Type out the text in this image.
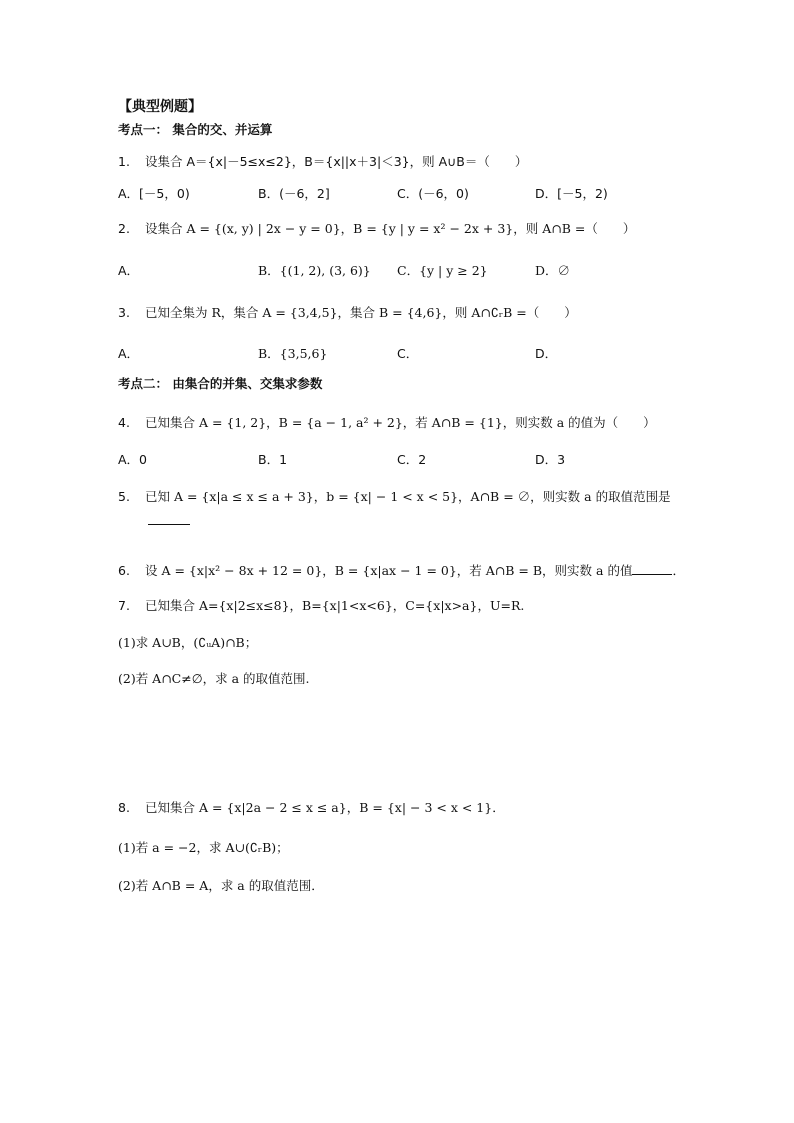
【典型例题】
考点一： 集合的交、并运算
1. 设集合 A＝{x|－5≤x≤2}，B＝{x||x＋3|＜3}，则 A∪B＝（　　）
A．[－5，0)	B．(－6，2]	C．(－6，0)	D．[－5，2)
2. 设集合 A = {(x, y) | 2x − y = 0}，B = {y | y = x² − 2x + 3}，则 A∩B =（　　）
A．	B．{(1, 2), (3, 6)} C．{y | y ≥ 2}	D．∅
3. 已知全集为 R，集合 A = {3,4,5}，集合 B = {4,6}，则 A∩∁ᵣB =（　　）
A．	B．{3,5,6}	C．	D．
考点二： 由集合的并集、交集求参数
4. 已知集合 A = {1, 2}，B = {a − 1, a² + 2}，若 A∩B = {1}，则实数 a 的值为（　　）
A．0	B．1	C．2	D．3
5. 已知 A = {x|a ≤ x ≤ a + 3}，b = {x| − 1 < x < 5}，A∩B = ∅，则实数 a 的取值范围是
6. 设 A = {x|x² − 8x + 12 = 0}，B = {x|ax − 1 = 0}，若 A∩B = B，则实数 a 的值	．
7. 已知集合 A={x|2≤x≤8}，B={x|1<x<6}，C={x|x>a}，U=R.
(1)求 A∪B，(∁ᵤA)∩B；
(2)若 A∩C≠∅，求 a 的取值范围.
8. 已知集合 A = {x|2a − 2 ≤ x ≤ a}，B = {x| − 3 < x < 1}．
(1)若 a = −2，求 A∪(∁ᵣB)；
(2)若 A∩B = A，求 a 的取值范围．
